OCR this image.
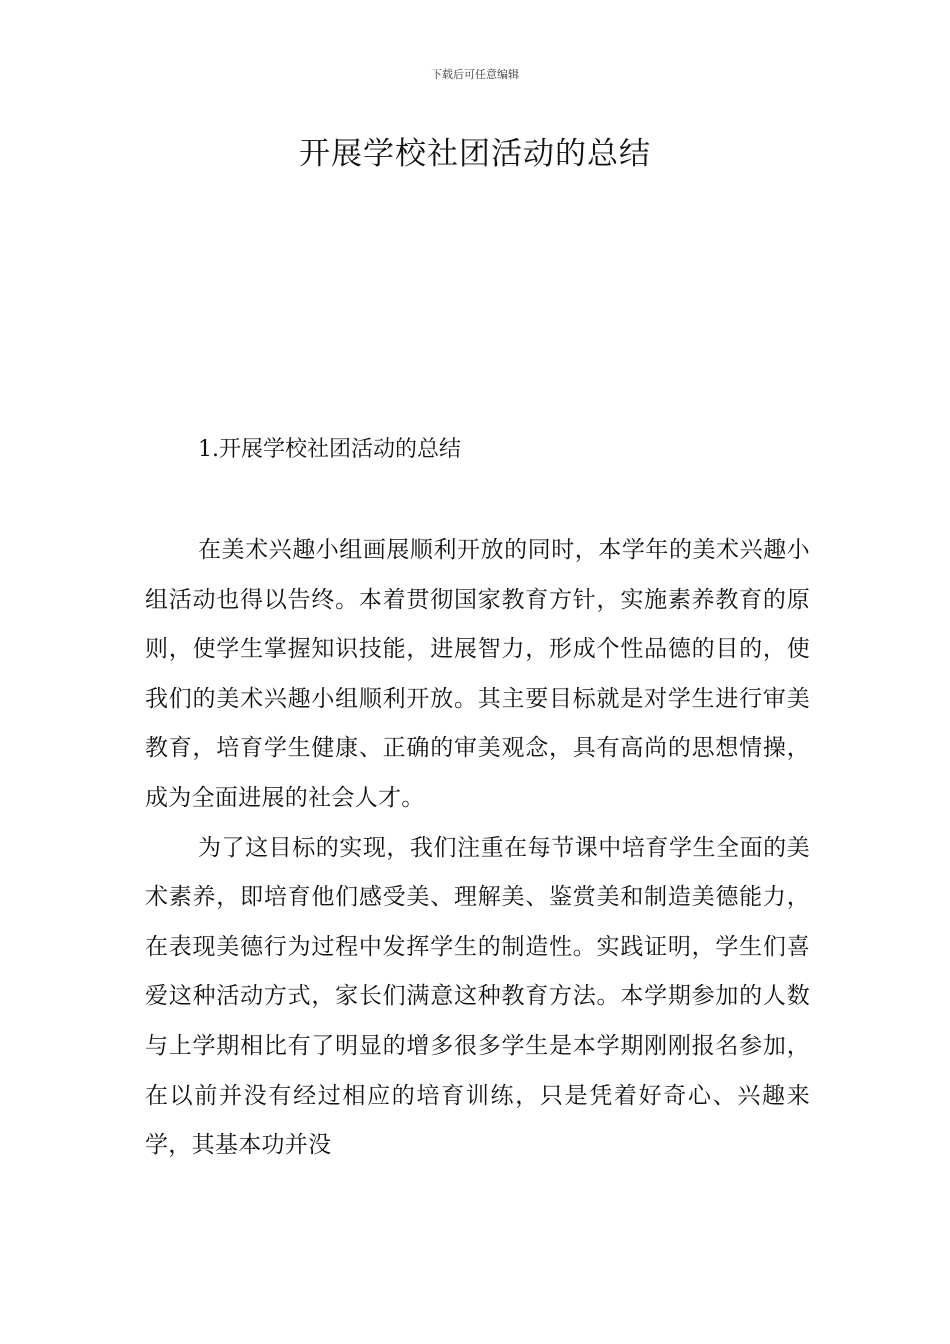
下载后可任意编辑
开展学校社团活动的总结
1.开展学校社团活动的总结

在美术兴趣小组画展顺利开放的同时，本学年的美术兴趣小组活动也得以告终。本着贯彻国家教育方针，实施素养教育的原则，使学生掌握知识技能，进展智力，形成个性品德的目的，使我们的美术兴趣小组顺利开放。其主要目标就是对学生进行审美教育，培育学生健康、正确的审美观念，具有高尚的思想情操，成为全面进展的社会人才。

为了这目标的实现，我们注重在每节课中培育学生全面的美术素养，即培育他们感受美、理解美、鉴赏美和制造美德能力，在表现美德行为过程中发挥学生的制造性。实践证明，学生们喜爱这种活动方式，家长们满意这种教育方法。本学期参加的人数与上学期相比有了明显的增多很多学生是本学期刚刚报名参加，在以前并没有经过相应的培育训练，只是凭着好奇心、兴趣来学，其基本功并没
